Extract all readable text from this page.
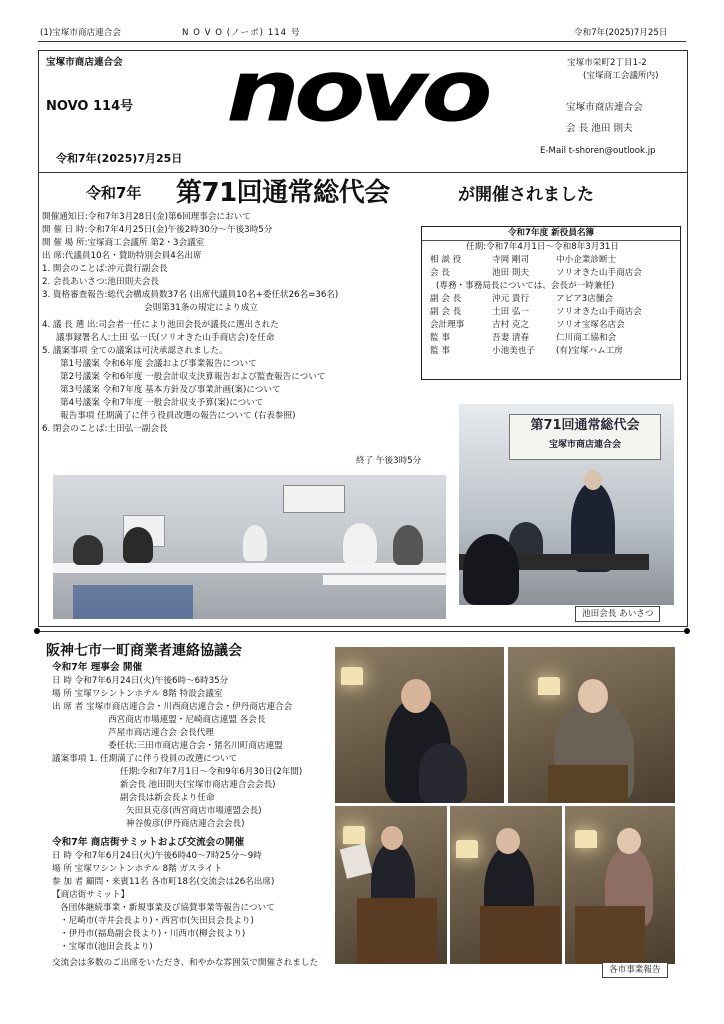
(1)宝塚市商店連合会	N O V O (ノーボ) 114 号	令和7年(2025)7月25日
宝塚市商店連合会
NOVO 114号
令和7年(2025)7月25日
novo	宝塚市栄町2丁目1-2
(宝塚商工会議所内)
宝塚市商店連合会
会 長 池田 則夫
E-Mail t-shoren@outlook.jp
令和7年 第71回通常総代会	が開催されました
開催通知日:令和7年3月28日(金)第6回理事会において
開 催 日 時:令和7年4月25日(金)午後2時30分〜午後3時5分
開 催 場 所:宝塚商工会議所 第2・3会議室
出 席:代議員10名・賛助特別会員4名出席
1. 開会のことば:沖元貴行副会長
2. 会長あいさつ:池田則夫会長
3. 資格審査報告:総代会構成員数37名 (出席代議員10名+委任状26名=36名)
会則第31条の規定により成立
4. 議 長 選 出:司会者一任により池田会長が議長に選出された
議事録署名人:土田 弘一氏(ソリオきた山手商店会)を任命
5. 議案事項 全ての議案は可決承認されました。
第1号議案 令和6年度 会議および事業報告について
第2号議案 令和6年度 一般会計収支決算報告および監査報告について
第3号議案 令和7年度 基本方針及び事業計画(案)について
第4号議案 令和7年度 一般会計収支予算(案)について
報告事項 任期満了に伴う役員改選の報告について (右表参照)
6. 閉会のことば:土田弘一副会長
終了 午後3時5分
令和7年度 新役員名簿
任期:令和7年4月1日〜令和8年3月31日
相 談 役	寺岡 剛司	中小企業診断士
会 長	池田 則夫	ソリオきた山手商店会
(専務・事務局長については、会長が一時兼任)
副 会 長	沖元 貴行	アピア3店舗会
副 会 長	土田 弘一	ソリオきた山手商店会
会計理事	吉村 克之	ソリオ宝塚名店会
監 事	吾妻 清春	仁川商工協和会
監 事	小池美也子	(有)宝塚ハム工房
第71回通常総代会
宝塚市商店連合会
池田会長 あいさつ
阪神七市一町商業者連絡協議会
令和7年 理事会 開催
日 時 令和7年6月24日(火)午後6時〜6時35分
場 所 宝塚ワシントンホテル 8階 特設会議室
出 席 者 宝塚市商店連合会・川西商店連合会・伊丹商店連合会
西宮商店市場連盟・尼崎商店連盟 各会長
芦屋市商店連合会 会長代理
委任状:三田市商店連合会・猪名川町商店連盟
議案事項 1. 任期満了に伴う役員の改選について
任期:令和7年7月1日〜令和9年6月30日(2年間)
新会長 池田則夫(宝塚市商店連合会会長)
副会長は新会長より任命
矢田貝克彦(西宮商店市場連盟会長)
神谷俊彦(伊丹商店連合会会長)
令和7年 商店街サミットおよび交流会の開催
日 時 令和7年6月24日(火)午後6時40〜7時25分〜9時
場 所 宝塚ワシントンホテル 8階 ガスライト
参 加 者 顧問・来賓11名 各市町18名(交流会は26名出席)
【商店街サミット】
各団体継続事業・新規事業及び協賛事業等報告について
・尼崎市(寺井会長より)・西宮市(矢田貝会長より)
・伊丹市(福島副会長より)・川西市(柳会長より)
・宝塚市(池田会長より)
交流会は多数のご出席をいただき、和やかな雰囲気で開催されました
各市事業報告
